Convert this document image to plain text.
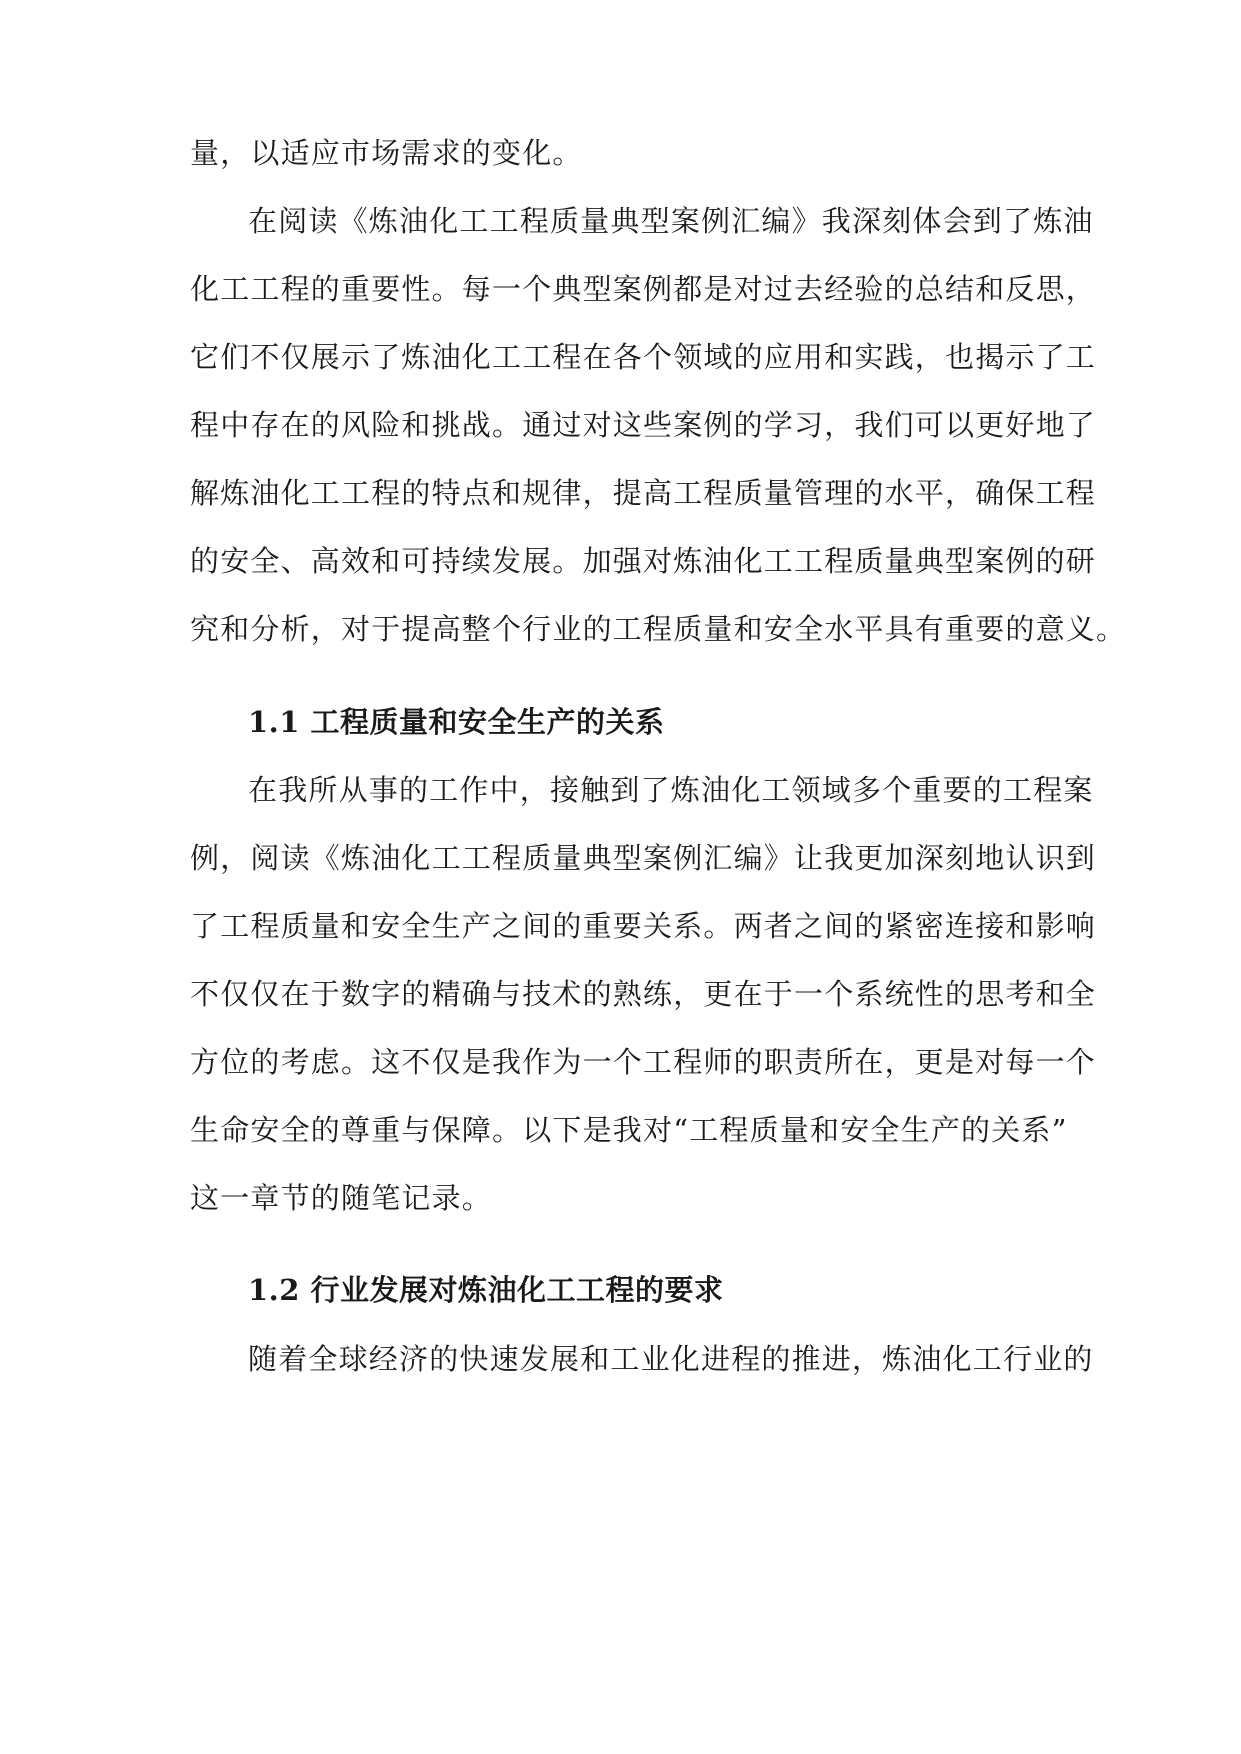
量，以适应市场需求的变化。
在阅读《炼油化工工程质量典型案例汇编》我深刻体会到了炼油
化工工程的重要性。每一个典型案例都是对过去经验的总结和反思，
它们不仅展示了炼油化工工程在各个领域的应用和实践，也揭示了工
程中存在的风险和挑战。通过对这些案例的学习，我们可以更好地了
解炼油化工工程的特点和规律，提高工程质量管理的水平，确保工程
的安全、高效和可持续发展。加强对炼油化工工程质量典型案例的研
究和分析，对于提高整个行业的工程质量和安全水平具有重要的意义。
1.1 工程质量和安全生产的关系
在我所从事的工作中，接触到了炼油化工领域多个重要的工程案
例，阅读《炼油化工工程质量典型案例汇编》让我更加深刻地认识到
了工程质量和安全生产之间的重要关系。两者之间的紧密连接和影响
不仅仅在于数字的精确与技术的熟练，更在于一个系统性的思考和全
方位的考虑。这不仅是我作为一个工程师的职责所在，更是对每一个
生命安全的尊重与保障。以下是我对“工程质量和安全生产的关系”
这一章节的随笔记录。
1.2 行业发展对炼油化工工程的要求
随着全球经济的快速发展和工业化进程的推进，炼油化工行业的
